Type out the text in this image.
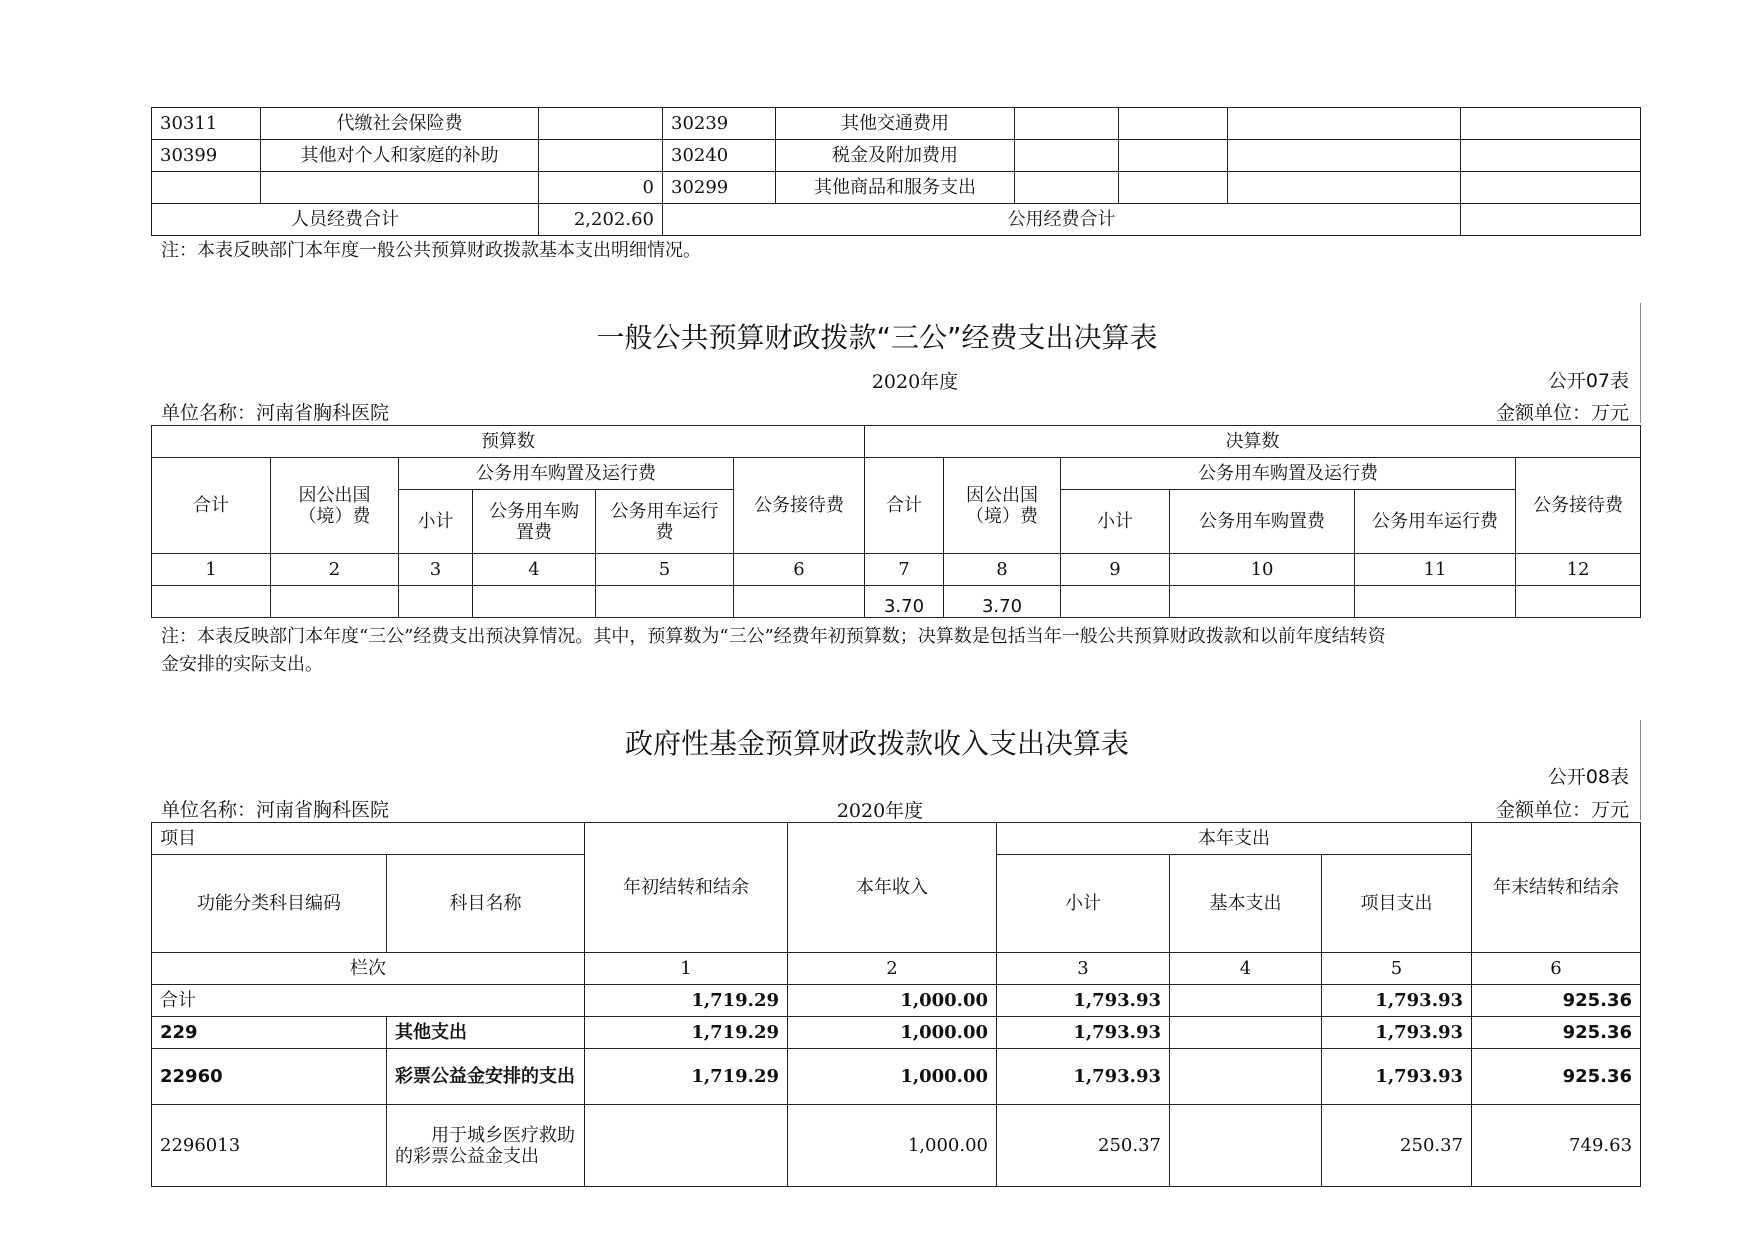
30311	代缴社会保险费		30239	其他交通费用				
30399	其他对个人和家庭的补助		30240	税金及附加费用				
		0	30299	其他商品和服务支出				
人员经费合计		2,202.60	公用经费合计					
注：本表反映部门本年度一般公共预算财政拨款基本支出明细情况。
一般公共预算财政拨款“三公”经费支出决算表
2020年度	公开07表
单位名称：河南省胸科医院	金额单位：万元
预算数						决算数					
合计	因公出国（境）费	公务用车购置及运行费			公务接待费	合计	因公出国（境）费	公务用车购置及运行费			公务接待费
		小计	公务用车购置费	公务用车运行费				小计	公务用车购置费	公务用车运行费	
1	2	3	4	5	6	7	8	9	10	11	12
						3.70	3.70				
注：本表反映部门本年度“三公”经费支出预决算情况。其中，预算数为“三公”经费年初预算数；决算数是包括当年一般公共预算财政拨款和以前年度结转资
金安排的实际支出。
政府性基金预算财政拨款收入支出决算表
公开08表
单位名称：河南省胸科医院	2020年度	金额单位：万元
项目		年初结转和结余	本年收入	本年支出			年末结转和结余
功能分类科目编码	科目名称			小计	基本支出	项目支出	
栏次		1	2	3	4	5	6
合计		1,719.29	1,000.00	1,793.93		1,793.93	925.36
229	其他支出	1,719.29	1,000.00	1,793.93		1,793.93	925.36
22960	彩票公益金安排的支出	1,719.29	1,000.00	1,793.93		1,793.93	925.36
2296013	用于城乡医疗救助的彩票公益金支出		1,000.00	250.37		250.37	749.63
